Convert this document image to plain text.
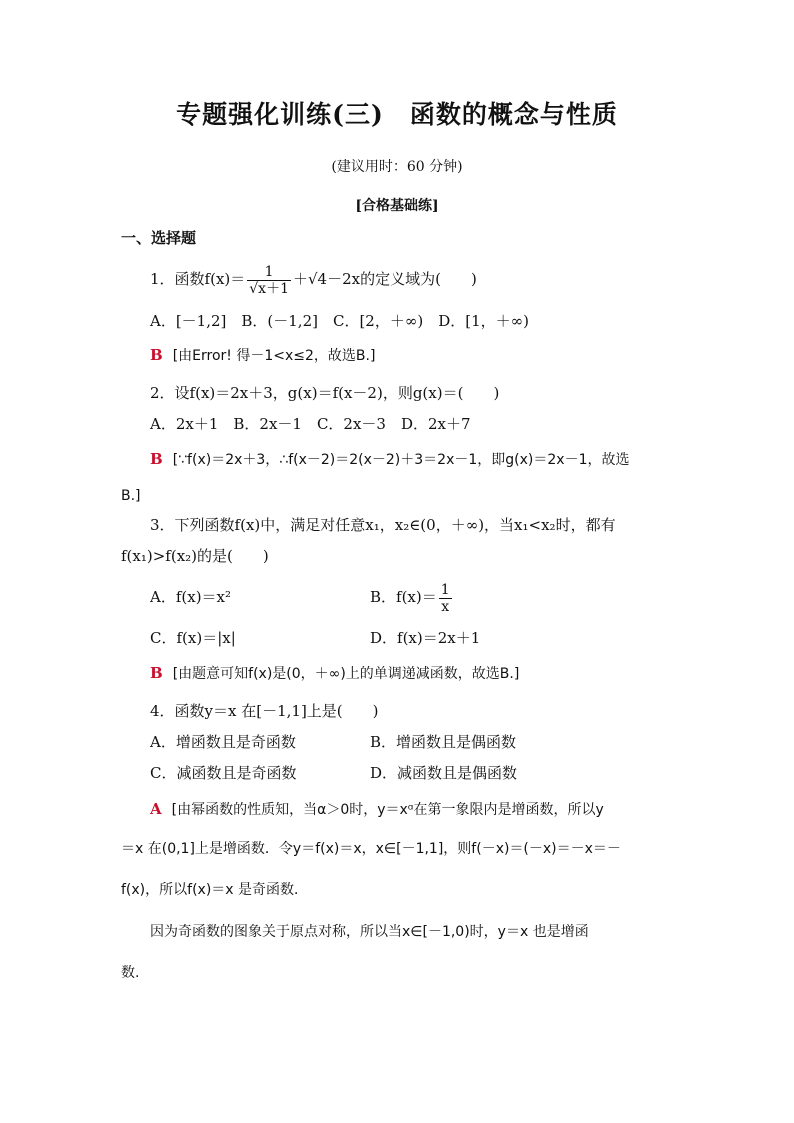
专题强化训练(三)　函数的概念与性质
(建议用时：60 分钟)
[合格基础练]
一、选择题
1．函数$f(x)= \frac{1}{√x+1} +√4-2x$的定义域为(　　)
A．[－1,2]　B．(－1,2]　C．[2，＋∞)　D．[1，＋∞)
B [由Error! 得－1<x≤2，故选B.]
2．设f(x)＝2x＋3，g(x)＝f(x－2)，则g(x)＝(　　)
A．2x＋1　B．2x－1　C．2x－3　D．2x＋7
B [∵f(x)＝2x＋3，∴f(x－2)＝2(x－2)＋3＝2x－1，即g(x)＝2x－1，故选
B.]
3．下列函数f(x)中，满足对任意x₁，x₂∈(0，＋∞)，当x₁<x₂时，都有
f(x₁)>f(x₂)的是(　　)
A．f(x)＝x²	B．$f(x)= \frac{1}{x}$
C．f(x)＝|x|	D．f(x)＝2x＋1
B [由题意可知f(x)是(0，＋∞)上的单调递减函数，故选B.]
4．函数y＝x 在[－1,1]上是(　　)
A．增函数且是奇函数	B．增函数且是偶函数
C．减函数且是奇函数	D．减函数且是偶函数
A [由幂函数的性质知，当α＞0时，y＝xᵅ在第一象限内是增函数，所以y
＝x 在(0,1]上是增函数．令y＝f(x)＝x，x∈[－1,1]，则f(－x)＝(－x)＝－x＝－
f(x)，所以f(x)＝x 是奇函数．
因为奇函数的图象关于原点对称，所以当x∈[－1,0)时，y＝x 也是增函
数.
